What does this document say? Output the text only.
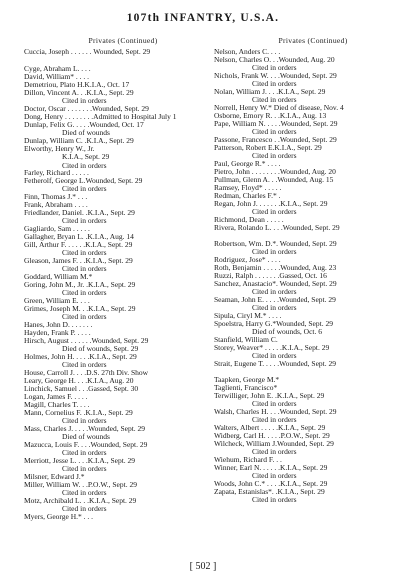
107th INFANTRY, U.S.A.
Privates (Continued)
Cuccia, Joseph . . . . . . Wounded, Sept. 29
Cyge, Abraham L. . . .
David, William* . . . .
Demetriou, Plato H.K.I.A., Oct. 17
Dillon, Vincent A. . .K.I.A., Sept. 29
Cited in orders
Doctor, Oscar . . . . . . .Wounded, Sept. 29
Dong, Henry . . . . . . . .Admitted to Hospital July 1
Dunlap, Felix G. . . . .Wounded, Oct. 17
Died of wounds
Dunlap, William C. .K.I.A., Sept. 29
Elworthy, Henry W., Jr.
K.I.A., Sept. 29
Cited in orders
Farley, Richard . . . . .
Fetherolf, George L.Wounded, Sept. 29
Cited in orders
Finn, Thomas J.* . . .
Frank, Abraham . . . .
Friedlander, Daniel. .K.I.A., Sept. 29
Cited in orders
Gagliardo, Sam . . . . .
Gallagher, Bryan L. .K.I.A., Aug. 14
Gill, Arthur F. . . . . .K.I.A., Sept. 29
Cited in orders
Gleason, James F. . .K.I.A., Sept. 29
Cited in orders
Goddard, William M.*
Goring, John M., Jr. .K.I.A., Sept. 29
Cited in orders
Green, William E. . . .
Grimes, Joseph M. . .K.I.A., Sept. 29
Cited in orders
Hanes, John D. . . . . . .
Hayden, Frank P. . . . .
Hirsch, August . . . . . .Wounded, Sept. 29
Died of wounds, Sept. 29
Holmes, John H. . . . .K.I.A., Sept. 29
Cited in orders
House, Carroll J. . . .D.S. 27th Div. Show
Leary, George H. . . .K.I.A., Aug. 20
Linchick, Samuel . . .Gassed, Sept. 30
Logan, James F. . . . .
Magill, Charles T. . . .
Mann, Cornelius F. .K.I.A., Sept. 29
Cited in orders
Mass, Charles J. . . . .Wounded, Sept. 29
Died of wounds
Mazucca, Louis F. . . .Wounded, Sept. 29
Cited in orders
Merriott, Jesse L. . . .K.I.A., Sept. 29
Cited in orders
Milsner, Edward J.*
Miller, William W. . .P.O.W., Sept. 29
Cited in orders
Motz, Archibald L. . .K.I.A., Sept. 29
Cited in orders
Myers, George H.* . . .
Privates (Continued)
Nelson, Anders C. . . .
Nelson, Charles O. . .Wounded, Aug. 20
Cited in orders
Nichols, Frank W. . . .Wounded, Sept. 29
Cited in orders
Nolan, William J. . . .K.I.A., Sept. 29
Cited in orders
Norrell, Henry W.* Died of disease, Nov. 4
Osborne, Emory R. . .K.I.A., Aug. 13
Pape, William N. . . . .Wounded, Sept. 29
Cited in orders
Passone, Francesco . .Wounded, Sept. 29
Patterson, Robert E.K.I.A., Sept. 29
Cited in orders
Paul, George R.* . . . .
Pietro, John . . . . . . . .Wounded, Aug. 20
Pullman, Glenn A. . .Wounded, Aug. 15
Ramsey, Floyd* . . . . .
Redman, Charles F.* .
Regan, John J. . . . . . .K.I.A., Sept. 29
Cited in orders
Richmond, Dean . . . . .
Rivera, Rolando L. . . .Wounded, Sept. 29
Robertson, Wm. D.*. Wounded, Sept. 29
Cited in orders
Rodriguez, Jose* . . . .
Roth, Benjamin . . . . .Wounded, Aug. 23
Ruzzi, Ralph . . . . . . .Gassed, Oct. 16
Sanchez, Anastacio*. Wounded, Sept. 29
Cited in orders
Seaman, John E. . . . .Wounded, Sept. 29
Cited in orders
Sipula, Ciryl M.* . . . .
Spoelstra, Harry G.*Wounded, Sept. 29
Died of wounds, Oct. 6
Stanfield, William C.
Storey, Weaver* . . . . .K.I.A., Sept. 29
Cited in orders
Strait, Eugene T. . . . .Wounded, Sept. 29
Taapken, George M.*
Taglienti, Francisco*
Terwilliger, John E. .K.I.A., Sept. 29
Cited in orders
Walsh, Charles H. . . .Wounded, Sept. 29
Cited in orders
Walters, Albert . . . . .K.I.A., Sept. 29
Widberg, Carl H. . . . .P.O.W., Sept. 29
Wilcheck, William J.Wounded, Sept. 29
Cited in orders
Wiehum, Richard F. . .
Winner, Earl N. . . . . .K.I.A., Sept. 29
Cited in orders
Woods, John C.* . . . .K.I.A., Sept. 29
Zapata, Estanislas*. .K.I.A., Sept. 29
Cited in orders
[ 502 ]
